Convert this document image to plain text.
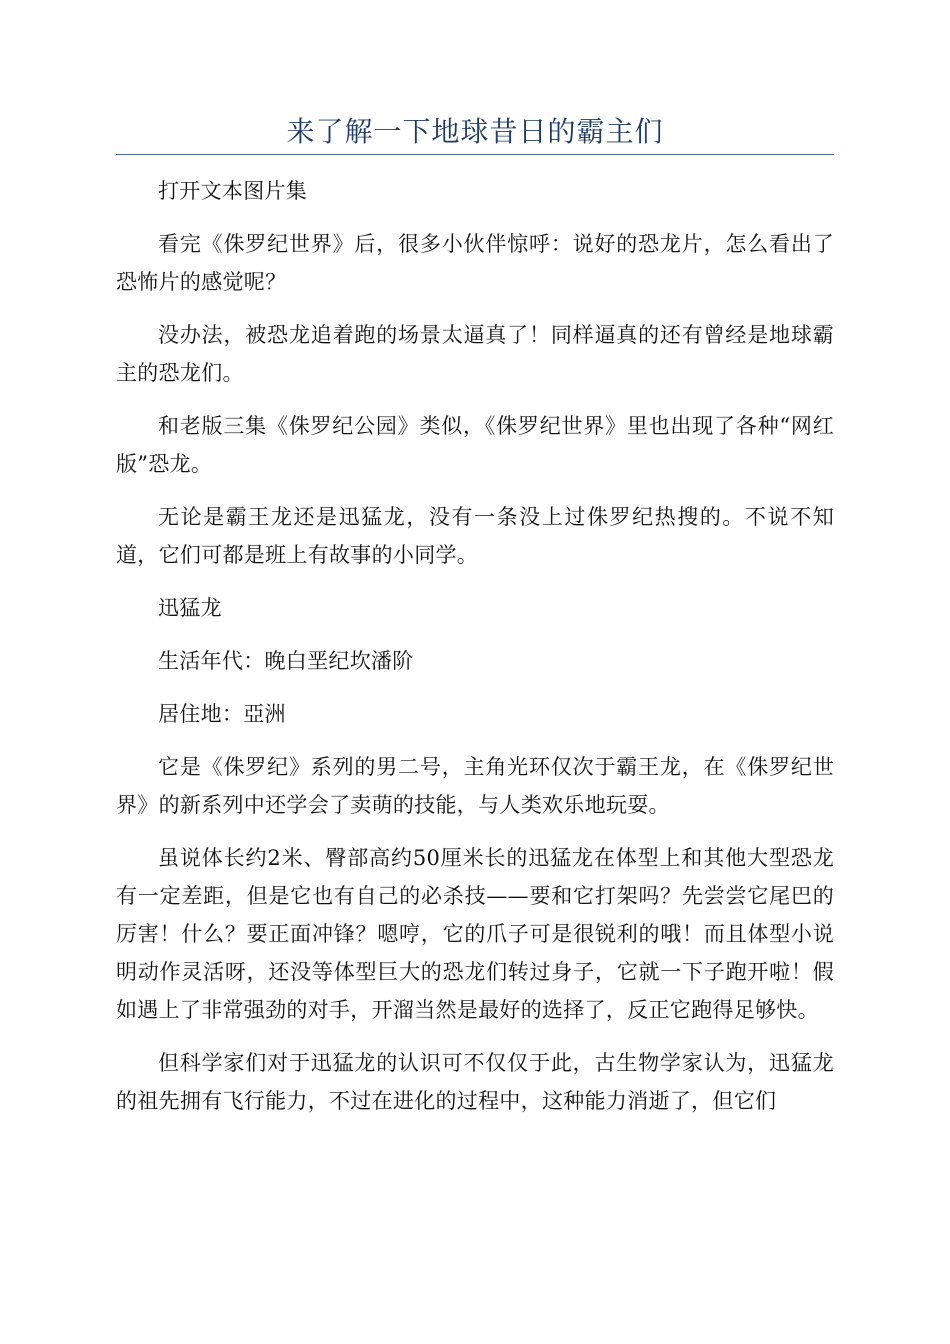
来了解一下地球昔日的霸主们

打开文本图片集

看完《侏罗纪世界》后，很多小伙伴惊呼：说好的恐龙片，怎么看出了恐怖片的感觉呢？

没办法，被恐龙追着跑的场景太逼真了！同样逼真的还有曾经是地球霸主的恐龙们。

和老版三集《侏罗纪公园》类似，《侏罗纪世界》里也出现了各种“网红版”恐龙。

无论是霸王龙还是迅猛龙，没有一条没上过侏罗纪热搜的。不说不知道，它们可都是班上有故事的小同学。

迅猛龙

生活年代：晚白垩纪坎潘阶

居住地：亞洲

它是《侏罗纪》系列的男二号，主角光环仅次于霸王龙，在《侏罗纪世界》的新系列中还学会了卖萌的技能，与人类欢乐地玩耍。

虽说体长约2米、臀部高约50厘米长的迅猛龙在体型上和其他大型恐龙有一定差距，但是它也有自己的必杀技——要和它打架吗？先尝尝它尾巴的厉害！什么？要正面冲锋？嗯哼，它的爪子可是很锐利的哦！而且体型小说明动作灵活呀，还没等体型巨大的恐龙们转过身子，它就一下子跑开啦！假如遇上了非常强劲的对手，开溜当然是最好的选择了，反正它跑得足够快。

但科学家们对于迅猛龙的认识可不仅仅于此，古生物学家认为，迅猛龙的祖先拥有飞行能力，不过在进化的过程中，这种能力消逝了，但它们
